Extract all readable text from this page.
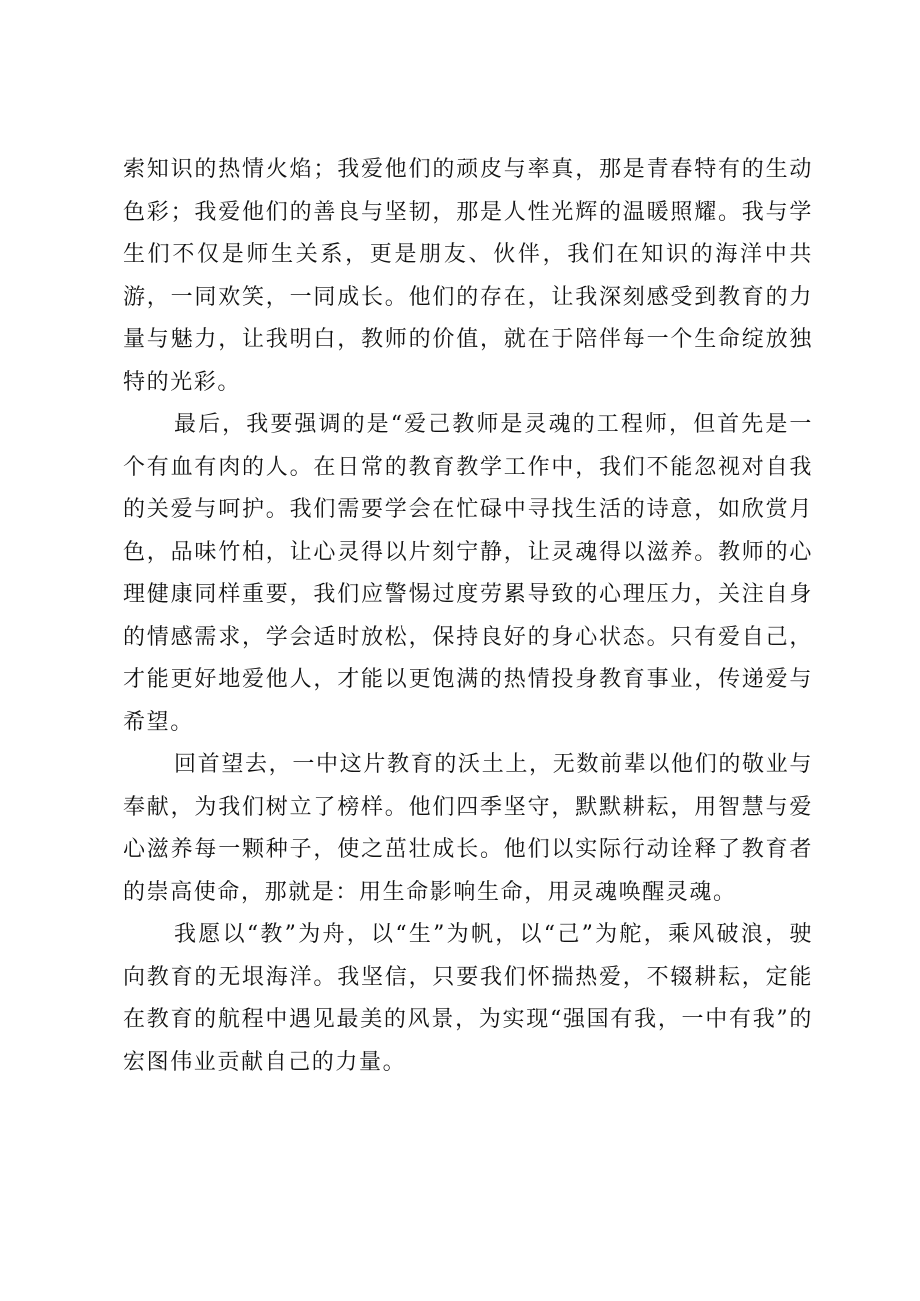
索知识的热情火焰；我爱他们的顽皮与率真，那是青春特有的生动色彩；我爱他们的善良与坚韧，那是人性光辉的温暖照耀。我与学生们不仅是师生关系，更是朋友、伙伴，我们在知识的海洋中共游，一同欢笑，一同成长。他们的存在，让我深刻感受到教育的力量与魅力，让我明白，教师的价值，就在于陪伴每一个生命绽放独特的光彩。

最后，我要强调的是“爱己教师是灵魂的工程师，但首先是一个有血有肉的人。在日常的教育教学工作中，我们不能忽视对自我的关爱与呵护。我们需要学会在忙碌中寻找生活的诗意，如欣赏月色，品味竹柏，让心灵得以片刻宁静，让灵魂得以滋养。教师的心理健康同样重要，我们应警惕过度劳累导致的心理压力，关注自身的情感需求，学会适时放松，保持良好的身心状态。只有爱自己，才能更好地爱他人，才能以更饱满的热情投身教育事业，传递爱与希望。

回首望去，一中这片教育的沃土上，无数前辈以他们的敬业与奉献，为我们树立了榜样。他们四季坚守，默默耕耘，用智慧与爱心滋养每一颗种子，使之茁壮成长。他们以实际行动诠释了教育者的崇高使命，那就是：用生命影响生命，用灵魂唤醒灵魂。

我愿以“教”为舟，以“生”为帆，以“己”为舵，乘风破浪，驶向教育的无垠海洋。我坚信，只要我们怀揣热爱，不辍耕耘，定能在教育的航程中遇见最美的风景，为实现“强国有我，一中有我”的宏图伟业贡献自己的力量。
